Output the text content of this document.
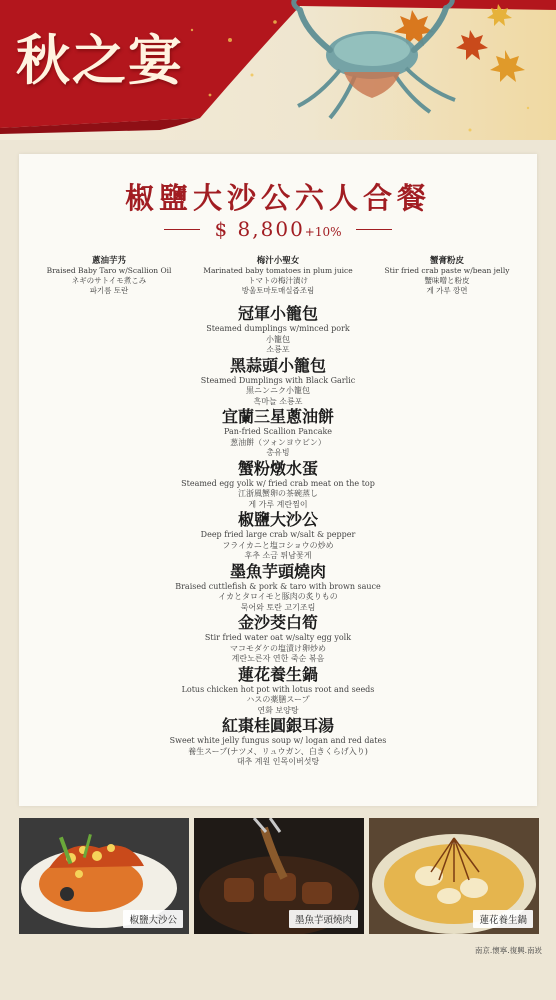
秋之宴
椒鹽大沙公六人合餐
$ 8,800+10%
蔥油芋艿
Braised Baby Taro w/Scallion Oil
ネギのサトイモ煮こみ
파기름 토란
梅汁小聖女
Marinated baby tomatoes in plum juice
トマトの梅汁漬け
방울토마토매실즙조림
蟹膏粉皮
Stir fried crab paste w/bean jelly
蟹味噌と粉皮
게 가루 깡면
冠軍小籠包
Steamed dumplings w/minced pork
小籠包
소룡포
黑蒜頭小籠包
Steamed Dumplings with Black Garlic
黒ニンニク小籠包
흑마늘 소룡포
宜蘭三星蔥油餅
Pan-fried Scallion Pancake
葱油餅（ツォンヨウビン）
총유빙
蟹粉燉水蛋
Steamed egg yolk w/ fried crab meat on the top
江浙風蟹卵の茶碗蒸し
게 가루 계란찜이
椒鹽大沙公
Deep fried large crab w/salt & pepper
フライカニと塩コショウの炒め
후추 소금 튀남꽃게
墨魚芋頭燒肉
Braised cuttlefish & pork & taro with brown sauce
イカとタロイモと豚肉の炙りもの
묵어와 토란 고기조림
金沙茭白筍
Stir fried water oat w/salty egg yolk
マコモダケの塩漬け卵炒め
계란노른자 연한 죽순 볶음
蓮花養生鍋
Lotus chicken hot pot with lotus root and seeds
ハスの薬膳スープ
연화 보양탕
紅棗桂圓銀耳湯
Sweet white jelly fungus soup w/ logan and red dates
養生スープ(ナツメ、リュウガン、白きくらげ入り)
대추 계원 인목이버섯탕
椒鹽大沙公	墨魚芋頭燒肉	蓮花養生鍋
南京.懷寧.復興.南崁
